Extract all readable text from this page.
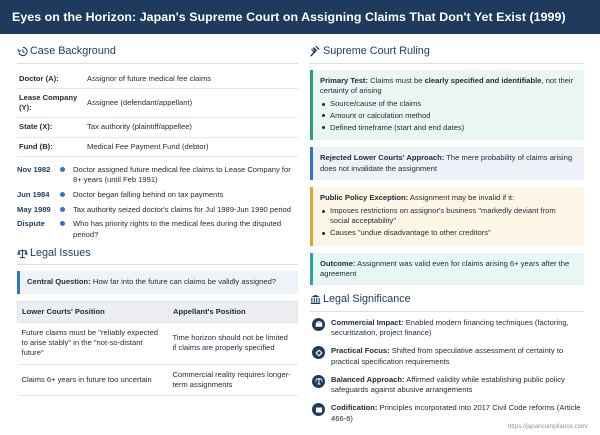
Eyes on the Horizon: Japan's Supreme Court on Assigning Claims That Don't Yet Exist (1999)
Case Background
Doctor (A):	Assignor of future medical fee claims
Lease Company (Y):	Assignee (defendant/appellant)
State (X):	Tax authority (plaintiff/appellee)
Fund (B):	Medical Fee Payment Fund (debtor)
Nov 1982	Doctor assigned future medical fee claims to Lease Company for 8+ years (until Feb 1991)
Jun 1984	Doctor began falling behind on tax payments
May 1989	Tax authority seized doctor's claims for Jul 1989-Jun 1990 period
Dispute	Who has priority rights to the medical fees during the disputed period?
Legal Issues
Central Question: How far into the future can claims be validly assigned?
Lower Courts' Position	Appellant's Position
Future claims must be "reliably expected to arise stably" in the "not-so-distant future"	Time horizon should not be limited if claims are properly specified
Claims 6+ years in future too uncertain	Commercial reality requires longer-term assignments
Supreme Court Ruling
Primary Test: Claims must be clearly specified and identifiable, not their certainty of arising
Source/cause of the claims
Amount or calculation method
Defined timeframe (start and end dates)
Rejected Lower Courts' Approach: The mere probability of claims arising does not invalidate the assignment
Public Policy Exception: Assignment may be invalid if it:
Imposes restrictions on assignor's business "markedly deviant from social acceptability"
Causes "undue disadvantage to other creditors"
Outcome: Assignment was valid even for claims arising 6+ years after the agreement
Legal Significance
Commercial Impact: Enabled modern financing techniques (factoring, securitization, project finance)
Practical Focus: Shifted from speculative assessment of certainty to practical specification requirements
Balanced Approach: Affirmed validity while establishing public policy safeguards against abusive arrangements
Codification: Principles incorporated into 2017 Civil Code reforms (Article 466-6)
https://japancompliance.com/
